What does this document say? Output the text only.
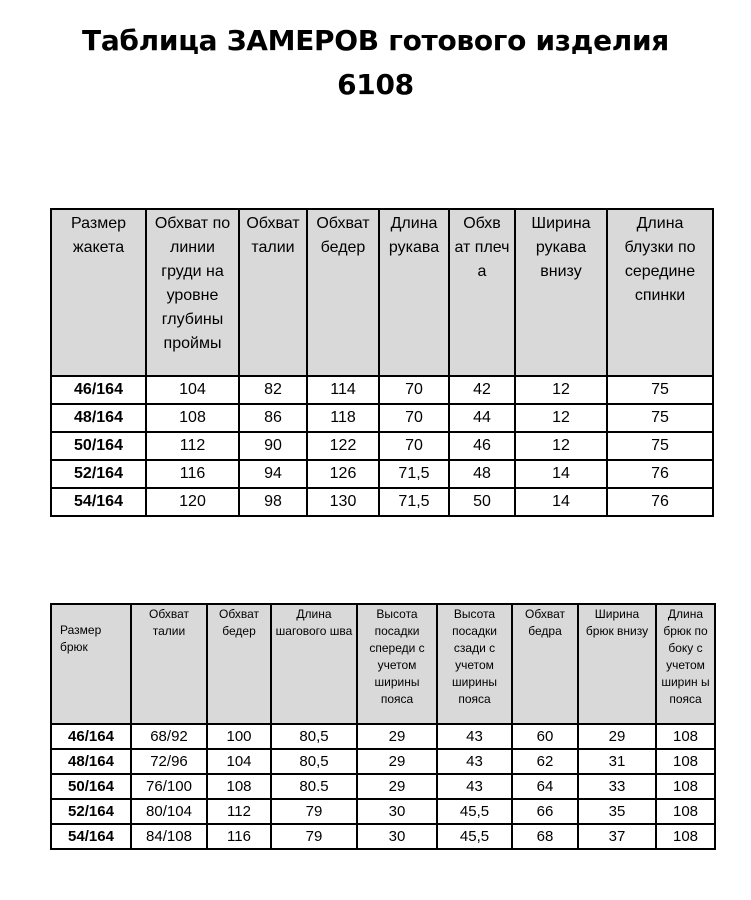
Таблица ЗАМЕРОВ готового изделия
6108
Размер жакета	Обхват по линии груди на уровне глубины проймы	Обхват талии	Обхват бедер	Длина рукава	Обхв ат плеч а	Ширина рукава внизу	Длина блузки по середине спинки

46/164	104	82	114	70	42	12	75
48/164	108	86	118	70	44	12	75
50/164	112	90	122	70	46	12	75
52/164	116	94	126	71,5	48	14	76
54/164	120	98	130	71,5	50	14	76
Размер брюк	Обхват талии	Обхват бедер	Длина шагового шва	Высота посадки спереди с учетом ширины пояса	Высота посадки сзади с учетом ширины пояса	Обхват бедра	Ширина брюк внизу	Длина брюк по боку с учетом ширин ы пояса

46/164	68/92	100	80,5	29	43	60	29	108
48/164	72/96	104	80,5	29	43	62	31	108
50/164	76/100	108	80.5	29	43	64	33	108
52/164	80/104	112	79	30	45,5	66	35	108
54/164	84/108	116	79	30	45,5	68	37	108
